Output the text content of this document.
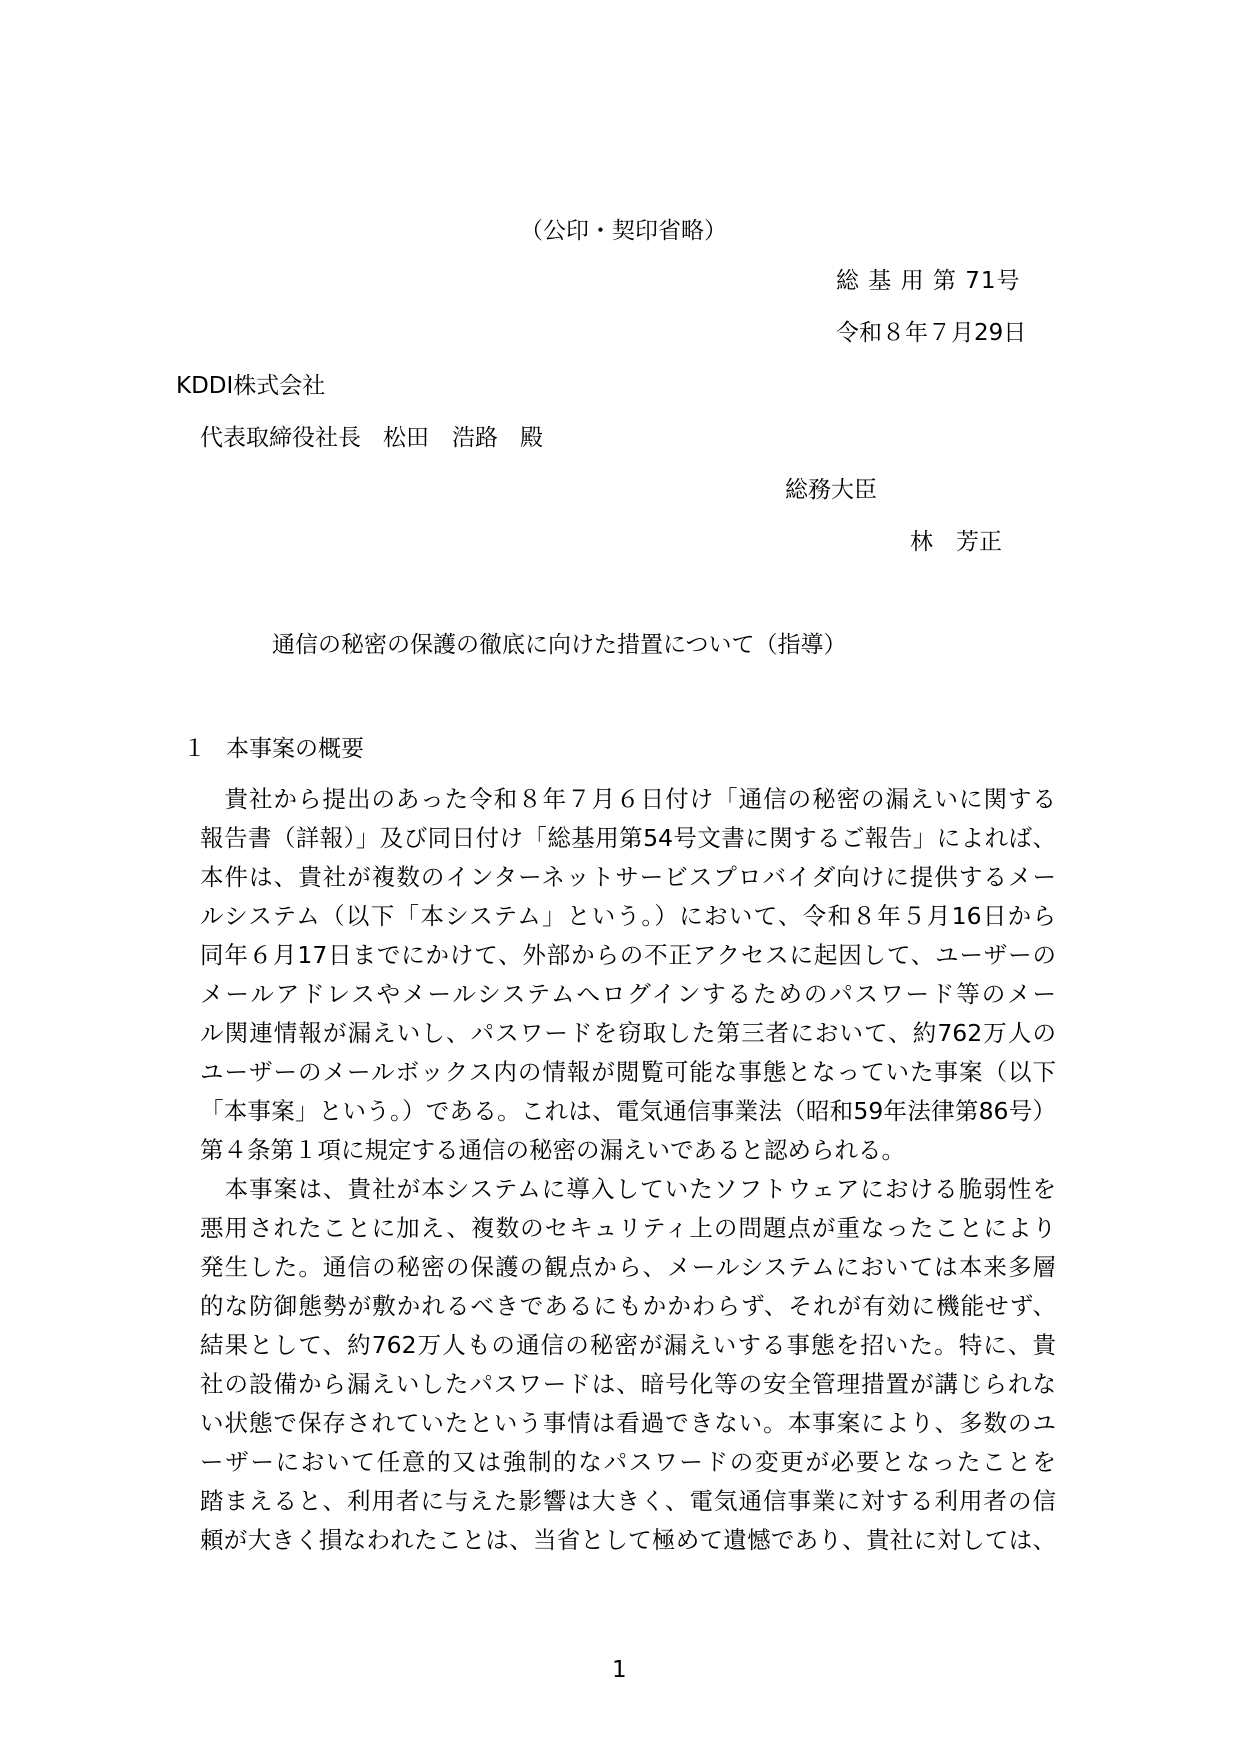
（公印・契印省略）
総 基 用 第 71号
令和８年７月29日
KDDI株式会社
代表取締役社長 松田　浩路 殿
総務大臣
林　芳正
通信の秘密の保護の徹底に向けた措置について（指導）
１ 本事案の概要
　貴社から提出のあった令和８年７月６日付け「通信の秘密の漏えいに関する
報告書（詳報）」及び同日付け「総基用第54号文書に関するご報告」によれば、
本件は、貴社が複数のインターネットサービスプロバイダ向けに提供するメー
ルシステム（以下「本システム」という。）において、令和８年５月16日から
同年６月17日までにかけて、外部からの不正アクセスに起因して、ユーザーの
メールアドレスやメールシステムへログインするためのパスワード等のメー
ル関連情報が漏えいし、パスワードを窃取した第三者において、約762万人の
ユーザーのメールボックス内の情報が閲覧可能な事態となっていた事案（以下
「本事案」という。）である。これは、電気通信事業法（昭和59年法律第86号）
第４条第１項に規定する通信の秘密の漏えいであると認められる。
　本事案は、貴社が本システムに導入していたソフトウェアにおける脆弱性を
悪用されたことに加え、複数のセキュリティ上の問題点が重なったことにより
発生した。通信の秘密の保護の観点から、メールシステムにおいては本来多層
的な防御態勢が敷かれるべきであるにもかかわらず、それが有効に機能せず、
結果として、約762万人もの通信の秘密が漏えいする事態を招いた。特に、貴
社の設備から漏えいしたパスワードは、暗号化等の安全管理措置が講じられな
い状態で保存されていたという事情は看過できない。本事案により、多数のユ
ーザーにおいて任意的又は強制的なパスワードの変更が必要となったことを
踏まえると、利用者に与えた影響は大きく、電気通信事業に対する利用者の信
頼が大きく損なわれたことは、当省として極めて遺憾であり、貴社に対しては、
1
